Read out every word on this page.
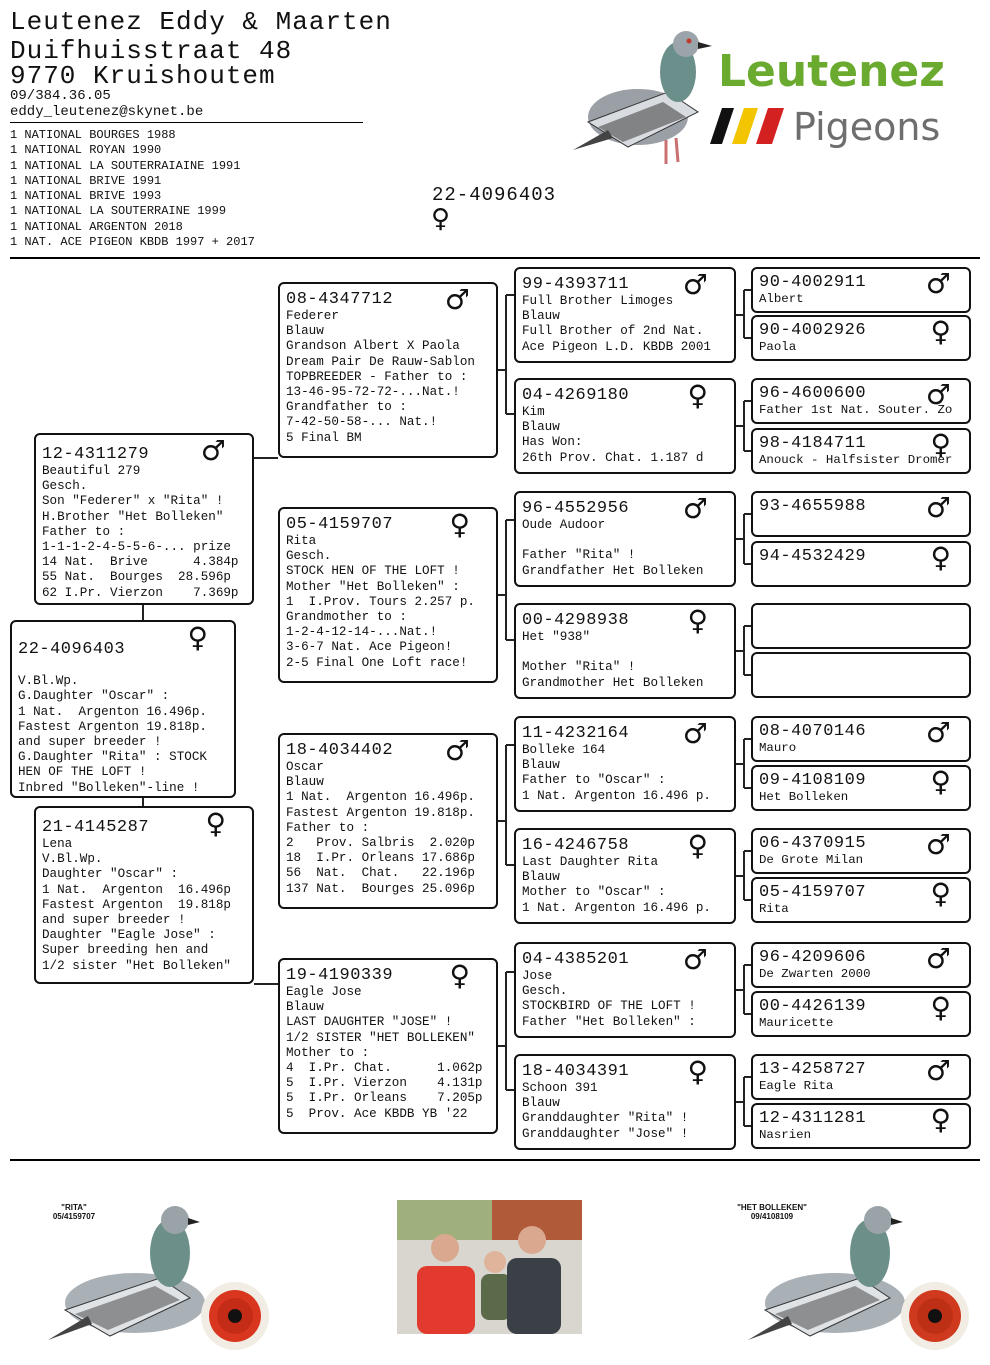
Leutenez Eddy & Maarten
Duifhuisstraat 48
9770 Kruishoutem
09/384.36.05
eddy_leutenez@skynet.be
1 NATIONAL BOURGES 1988
1 NATIONAL ROYAN 1990
1 NATIONAL LA SOUTERRAIAINE 1991
1 NATIONAL BRIVE 1991
1 NATIONAL BRIVE 1993
1 NATIONAL LA SOUTERRAINE 1999
1 NATIONAL ARGENTON 2018
1 NAT. ACE PIGEON KBDB 1997 + 2017
22-4096403
♀
Leutenez
Pigeons
22-4096403	♀

V.Bl.Wp.
G.Daughter "Oscar" :
1 Nat.  Argenton 16.496p.
Fastest Argenton 19.818p.
and super breeder !
G.Daughter "Rita" : STOCK
HEN OF THE LOFT !
Inbred "Bolleken"-line !
12-4311279	♂
Beautiful 279
Gesch.
Son "Federer" x "Rita" !
H.Brother "Het Bolleken"
Father to :
1-1-1-2-4-5-5-6-... prize
14 Nat.  Brive      4.384p
55 Nat.  Bourges  28.596p
62 I.Pr. Vierzon    7.369p
21-4145287	♀
Lena
V.Bl.Wp.
Daughter "Oscar" :
1 Nat.  Argenton  16.496p
Fastest Argenton  19.818p
and super breeder !
Daughter "Eagle Jose" :
Super breeding hen and
1/2 sister "Het Bolleken"
08-4347712	♂
Federer
Blauw
Grandson Albert X Paola
Dream Pair De Rauw-Sablon
TOPBREEDER - Father to :
13-46-95-72-72-...Nat.!
Grandfather to :
7-42-50-58-... Nat.!
5 Final BM
05-4159707	♀
Rita
Gesch.
STOCK HEN OF THE LOFT !
Mother "Het Bolleken" :
1  I.Prov. Tours 2.257 p.
Grandmother to :
1-2-4-12-14-...Nat.!
3-6-7 Nat. Ace Pigeon!
2-5 Final One Loft race!
18-4034402	♂
Oscar
Blauw
1 Nat.  Argenton 16.496p.
Fastest Argenton 19.818p.
Father to :
2   Prov. Salbris  2.020p
18  I.Pr. Orleans 17.686p
56  Nat.  Chat.   22.196p
137 Nat.  Bourges 25.096p
19-4190339	♀
Eagle Jose
Blauw
LAST DAUGHTER "JOSE" !
1/2 SISTER "HET BOLLEKEN"
Mother to :
4  I.Pr. Chat.      1.062p
5  I.Pr. Vierzon    4.131p
5  I.Pr. Orleans    7.205p
5  Prov. Ace KBDB YB '22
99-4393711	♂
Full Brother Limoges
Blauw
Full Brother of 2nd Nat.
Ace Pigeon L.D. KBDB 2001
04-4269180	♀
Kim
Blauw
Has Won:
26th Prov. Chat. 1.187 d
96-4552956	♂
Oude Audoor

Father "Rita" !
Grandfather Het Bolleken
00-4298938	♀
Het "938"

Mother "Rita" !
Grandmother Het Bolleken
11-4232164	♂
Bolleke 164
Blauw
Father to "Oscar" :
1 Nat. Argenton 16.496 p.
16-4246758	♀
Last Daughter Rita
Blauw
Mother to "Oscar" :
1 Nat. Argenton 16.496 p.
04-4385201	♂
Jose
Gesch.
STOCKBIRD OF THE LOFT !
Father "Het Bolleken" :
18-4034391	♀
Schoon 391
Blauw
Granddaughter "Rita" !
Granddaughter "Jose" !
90-4002911	♂
Albert
90-4002926	♀
Paola
96-4600600	♂
Father 1st Nat. Souter. Zo
98-4184711	♀
Anouck - Halfsister Dromer
93-4655988	♂
94-4532429	♀
08-4070146	♂
Mauro
09-4108109	♀
Het Bolleken
06-4370915	♂
De Grote Milan
05-4159707	♀
Rita
96-4209606	♂
De Zwarten 2000
00-4426139	♀
Mauricette
13-4258727	♂
Eagle Rita
12-4311281	♀
Nasrien
"RITA"
05/4159707
"HET BOLLEKEN"
09/4108109
